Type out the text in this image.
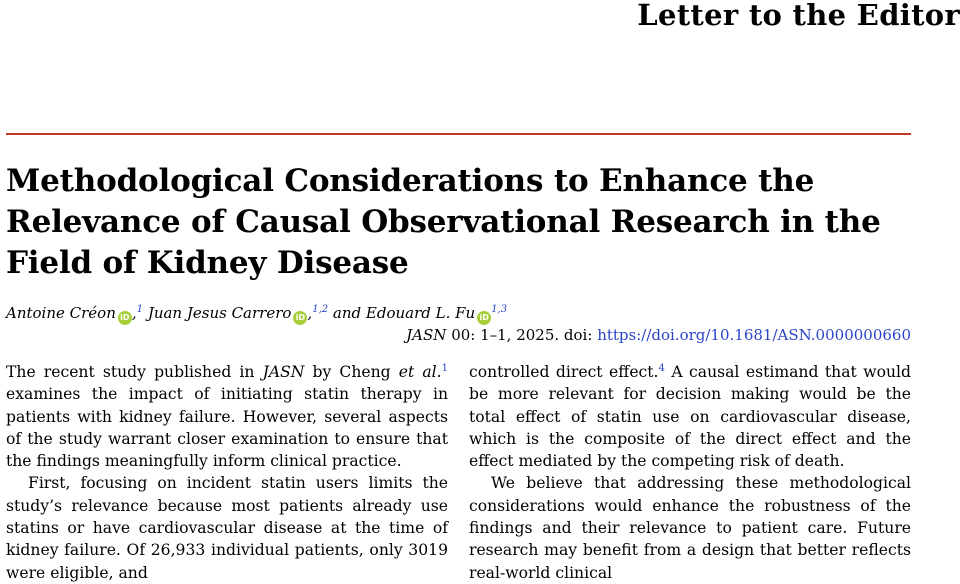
Letter to the Editor
Methodological Considerations to Enhance the Relevance of Causal Observational Research in the Field of Kidney Disease
Antoine Créon iD ,$^1$ Juan Jesus Carrero iD ,$^{1,2}$ and Edouard L. Fu iD$^{1,3}$
JASN 00: 1–1, 2025. doi: https://doi.org/10.1681/ASN.0000000660

The recent study published in JASN by Cheng et al.$^1$ examines the impact of initiating statin therapy in patients with kidney failure. However, several aspects of the study warrant closer examination to ensure that the findings meaningfully inform clinical practice.

First, focusing on incident statin users limits the study’s relevance because most patients already use statins or have cardiovascular disease at the time of kidney failure. Of 26,933 individual patients, only 3019 were eligible, and

controlled direct effect.$^4$ A causal estimand that would be more relevant for decision making would be the total effect of statin use on cardiovascular disease, which is the composite of the direct effect and the effect mediated by the competing risk of death.

We believe that addressing these methodological considerations would enhance the robustness of the findings and their relevance to patient care. Future research may benefit from a design that better reflects real-world clinical
